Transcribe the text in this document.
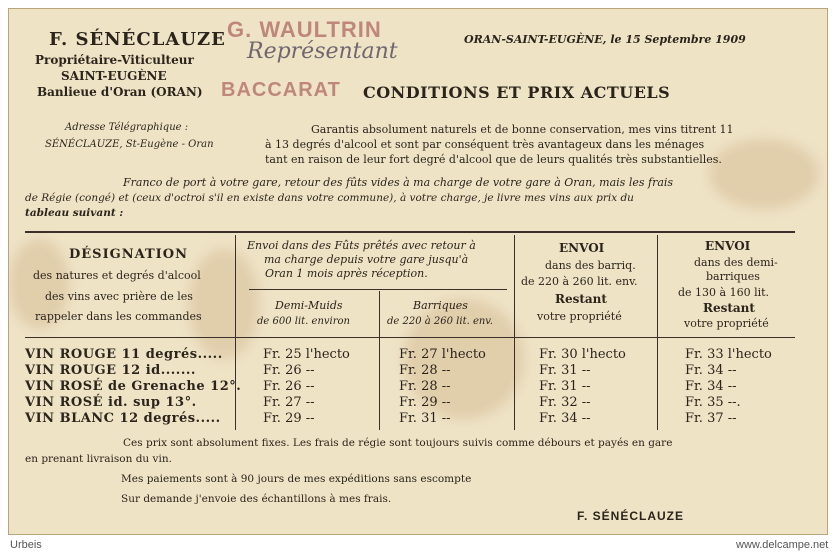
F. SÉNÉCLAUZE
Propriétaire-Viticulteur
SAINT-EUGÈNE
Banlieue d'Oran (ORAN)
Adresse Télégraphique :
SÉNÉCLAUZE, St-Eugène - Oran
G. WAULTRIN
Représentant
BACCARAT
ORAN-SAINT-EUGÈNE, le 15 Septembre 1909
CONDITIONS ET PRIX ACTUELS
Garantis absolument naturels et de bonne conservation, mes vins titrent 11
à 13 degrés d'alcool et sont par conséquent très avantageux dans les ménages
tant en raison de leur fort degré d'alcool que de leurs qualités très substantielles.
Franco de port à votre gare, retour des fûts vides à ma charge de votre gare à Oran, mais les frais
de Régie (congé) et (ceux d'octroi s'il en existe dans votre commune), à votre charge, je livre mes vins aux prix du
tableau suivant :
DÉSIGNATION
des natures et degrés d'alcool
des vins avec prière de les
rappeler dans les commandes
Envoi dans des Fûts prêtés avec retour à
ma charge depuis votre gare jusqu'à
Oran 1 mois après réception.
Demi-Muids
de 600 lit. environ
Barriques
de 220 à 260 lit. env.
ENVOI
dans des barriq.
de 220 à 260 lit. env.
Restant
votre propriété
ENVOI
dans des demi-
barriques
de 130 à 160 lit.
Restant
votre propriété
VIN ROUGE 11 degrés.....	Fr. 25 l'hecto	Fr. 27 l'hecto	Fr. 30 l'hecto	Fr. 33 l'hecto
VIN ROUGE 12 id.......	Fr. 26 --	Fr. 28 --	Fr. 31 --	Fr. 34 --
VIN ROSÉ de Grenache 12°. Fr. 26 --	Fr. 28 --	Fr. 31 --	Fr. 34 --
VIN ROSÉ id. sup 13°.	Fr. 27 --	Fr. 29 --	Fr. 32 --	Fr. 35 --.
VIN BLANC 12 degrés.....	Fr. 29 --	Fr. 31 --	Fr. 34 --	Fr. 37 --
Ces prix sont absolument fixes. Les frais de régie sont toujours suivis comme débours et payés en gare
en prenant livraison du vin.
Mes paiements sont à 90 jours de mes expéditions sans escompte
Sur demande j'envoie des échantillons à mes frais.
F. SÉNÉCLAUZE
Urbeis	www.delcampe.net
